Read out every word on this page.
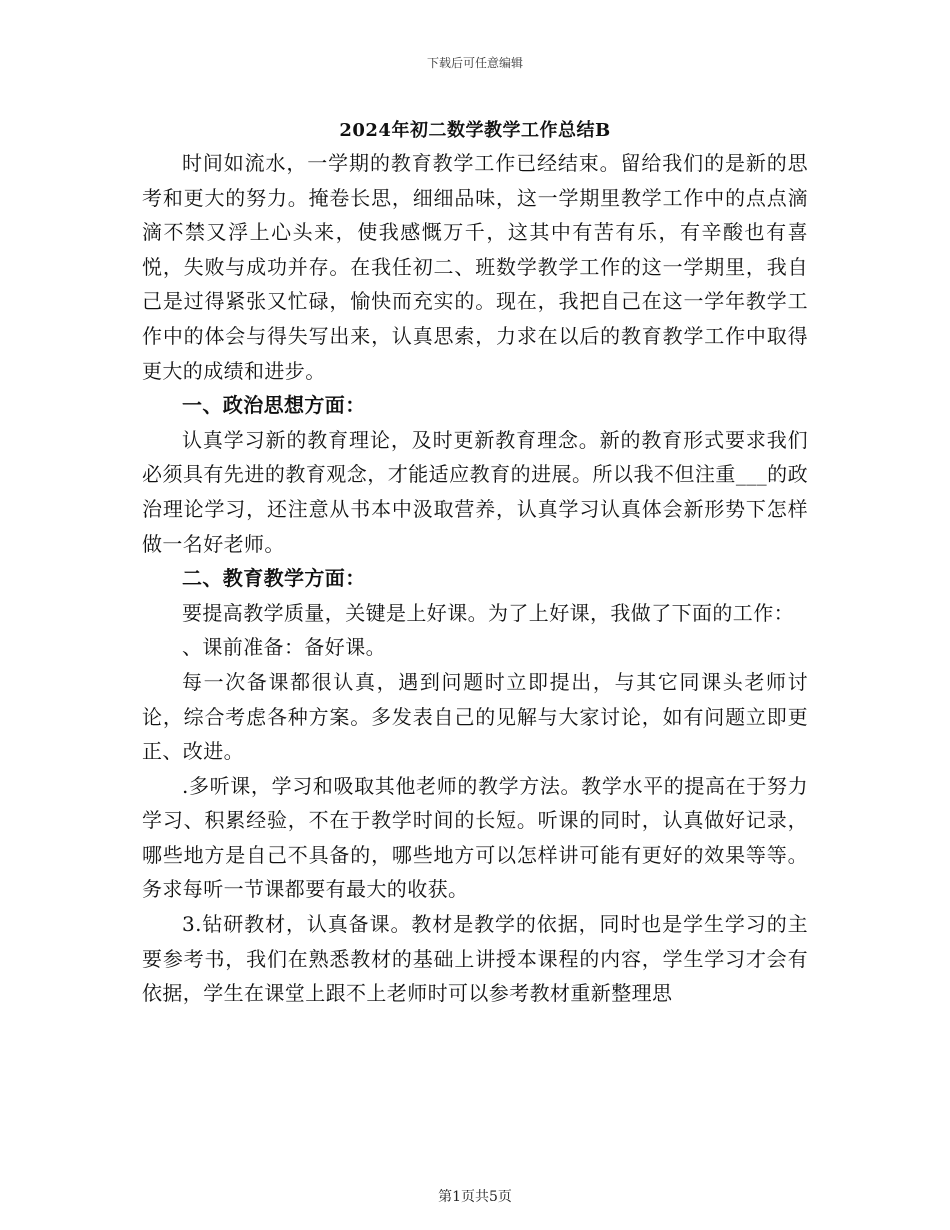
下载后可任意编辑
2024年初二数学教学工作总结B

时间如流水，一学期的教育教学工作已经结束。留给我们的是新的思考和更大的努力。掩卷长思，细细品味，这一学期里教学工作中的点点滴滴不禁又浮上心头来，使我感慨万千，这其中有苦有乐，有辛酸也有喜悦，失败与成功并存。在我任初二、班数学教学工作的这一学期里，我自己是过得紧张又忙碌，愉快而充实的。现在，我把自己在这一学年教学工作中的体会与得失写出来，认真思索，力求在以后的教育教学工作中取得更大的成绩和进步。

一、政治思想方面：

认真学习新的教育理论，及时更新教育理念。新的教育形式要求我们必须具有先进的教育观念，才能适应教育的进展。所以我不但注重___的政治理论学习，还注意从书本中汲取营养，认真学习认真体会新形势下怎样做一名好老师。

二、教育教学方面：

要提高教学质量，关键是上好课。为了上好课，我做了下面的工作：

、课前准备：备好课。

每一次备课都很认真，遇到问题时立即提出，与其它同课头老师讨论，综合考虑各种方案。多发表自己的见解与大家讨论，如有问题立即更正、改进。

.多听课，学习和吸取其他老师的教学方法。教学水平的提高在于努力学习、积累经验，不在于教学时间的长短。听课的同时，认真做好记录，哪些地方是自己不具备的，哪些地方可以怎样讲可能有更好的效果等等。务求每听一节课都要有最大的收获。

3.钻研教材，认真备课。教材是教学的依据，同时也是学生学习的主要参考书，我们在熟悉教材的基础上讲授本课程的内容，学生学习才会有依据，学生在课堂上跟不上老师时可以参考教材重新整理思

第1页共5页
